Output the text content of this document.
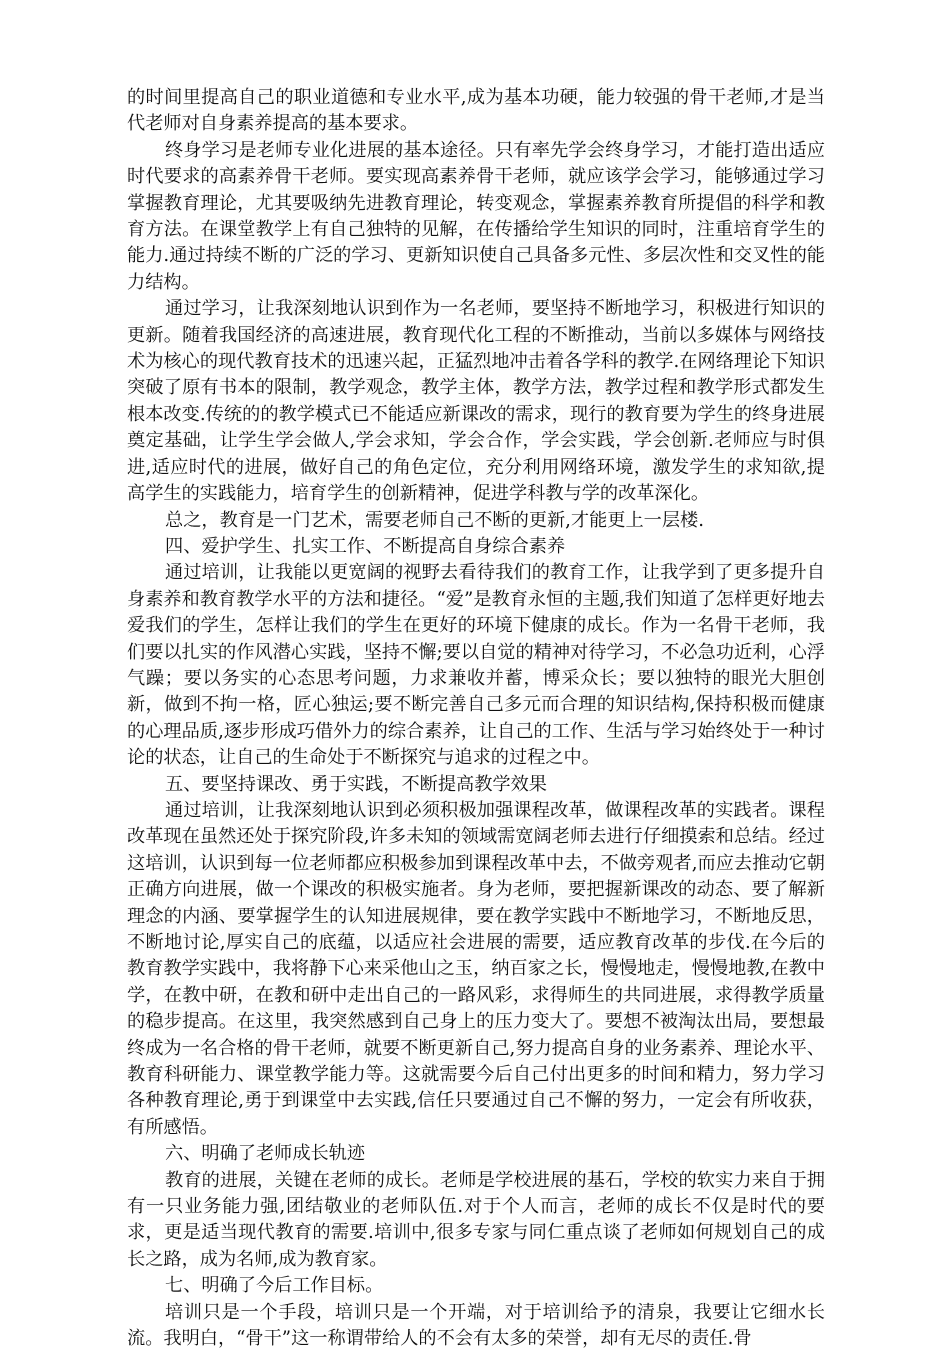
的时间里提高自己的职业道德和专业水平,成为基本功硬，能力较强的骨干老师,才是当代老师对自身素养提高的基本要求。

终身学习是老师专业化进展的基本途径。只有率先学会终身学习，才能打造出适应时代要求的高素养骨干老师。要实现高素养骨干老师，就应该学会学习，能够通过学习掌握教育理论，尤其要吸纳先进教育理论，转变观念，掌握素养教育所提倡的科学和教育方法。在课堂教学上有自己独特的见解，在传播给学生知识的同时，注重培育学生的能力.通过持续不断的广泛的学习、更新知识使自己具备多元性、多层次性和交叉性的能力结构。

通过学习，让我深刻地认识到作为一名老师，要坚持不断地学习，积极进行知识的更新。随着我国经济的高速进展，教育现代化工程的不断推动，当前以多媒体与网络技术为核心的现代教育技术的迅速兴起，正猛烈地冲击着各学科的教学.在网络理论下知识突破了原有书本的限制，教学观念，教学主体，教学方法，教学过程和教学形式都发生根本改变.传统的的教学模式已不能适应新课改的需求，现行的教育要为学生的终身进展奠定基础，让学生学会做人,学会求知，学会合作，学会实践，学会创新.老师应与时俱进,适应时代的进展，做好自己的角色定位，充分利用网络环境，激发学生的求知欲,提高学生的实践能力，培育学生的创新精神，促进学科教与学的改革深化。

总之，教育是一门艺术，需要老师自己不断的更新,才能更上一层楼.

四、爱护学生、扎实工作、不断提高自身综合素养

通过培训，让我能以更宽阔的视野去看待我们的教育工作，让我学到了更多提升自身素养和教育教学水平的方法和捷径。“爱”是教育永恒的主题,我们知道了怎样更好地去爱我们的学生，怎样让我们的学生在更好的环境下健康的成长。作为一名骨干老师，我们要以扎实的作风潜心实践，坚持不懈;要以自觉的精神对待学习，不必急功近利，心浮气躁；要以务实的心态思考问题，力求兼收并蓄，博采众长；要以独特的眼光大胆创新，做到不拘一格，匠心独运;要不断完善自己多元而合理的知识结构,保持积极而健康的心理品质,逐步形成巧借外力的综合素养，让自己的工作、生活与学习始终处于一种讨论的状态，让自己的生命处于不断探究与追求的过程之中。

五、要坚持课改、勇于实践，不断提高教学效果

通过培训，让我深刻地认识到必须积极加强课程改革，做课程改革的实践者。课程改革现在虽然还处于探究阶段,许多未知的领域需宽阔老师去进行仔细摸索和总结。经过这培训，认识到每一位老师都应积极参加到课程改革中去，不做旁观者,而应去推动它朝正确方向进展，做一个课改的积极实施者。身为老师，要把握新课改的动态、要了解新理念的内涵、要掌握学生的认知进展规律，要在教学实践中不断地学习，不断地反思，不断地讨论,厚实自己的底蕴，以适应社会进展的需要，适应教育改革的步伐.在今后的教育教学实践中，我将静下心来采他山之玉，纳百家之长，慢慢地走，慢慢地教,在教中学，在教中研，在教和研中走出自己的一路风彩，求得师生的共同进展，求得教学质量的稳步提高。在这里，我突然感到自己身上的压力变大了。要想不被淘汰出局，要想最终成为一名合格的骨干老师，就要不断更新自己,努力提高自身的业务素养、理论水平、教育科研能力、课堂教学能力等。这就需要今后自己付出更多的时间和精力，努力学习各种教育理论,勇于到课堂中去实践,信任只要通过自己不懈的努力，一定会有所收获，有所感悟。

六、明确了老师成长轨迹

教育的进展，关键在老师的成长。老师是学校进展的基石，学校的软实力来自于拥有一只业务能力强,团结敬业的老师队伍.对于个人而言，老师的成长不仅是时代的要求，更是适当现代教育的需要.培训中,很多专家与同仁重点谈了老师如何规划自己的成长之路，成为名师,成为教育家。

七、明确了今后工作目标。

培训只是一个手段，培训只是一个开端，对于培训给予的清泉，我要让它细水长流。我明白，“骨干”这一称谓带给人的不会有太多的荣誉，却有无尽的责任.骨
